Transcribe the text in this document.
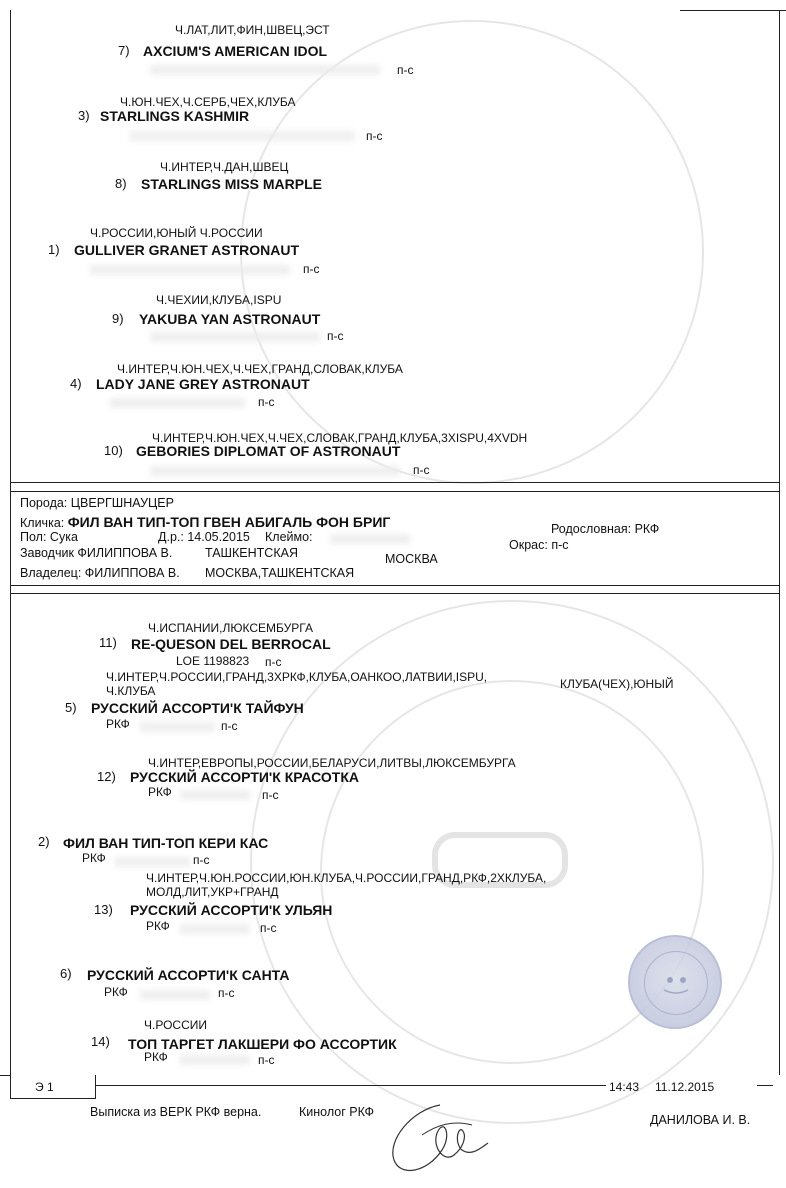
Ч.ЛАТ,ЛИТ,ФИН,ШВЕЦ,ЭСТ
7) AXCIUM'S AMERICAN IDOL
п-с
Ч.ЮН.ЧЕХ,Ч.СЕРБ,ЧЕХ,КЛУБА
3) STARLINGS KASHMIR
п-с
Ч.ИНТЕР,Ч.ДАН,ШВЕЦ
8) STARLINGS MISS MARPLE
Ч.РОССИИ,ЮНЫЙ Ч.РОССИИ
1) GULLIVER GRANET ASTRONAUT
п-с
Ч.ЧЕХИИ,КЛУБА,ISPU
9) YAKUBA YAN ASTRONAUT
п-с
Ч.ИНТЕР,Ч.ЮН.ЧЕХ,Ч.ЧЕХ,ГРАНД,СЛОВАК,КЛУБА
4) LADY JANE GREY ASTRONAUT
п-с
Ч.ИНТЕР,Ч.ЮН.ЧЕХ,Ч.ЧЕХ,СЛОВАК,ГРАНД,КЛУБА,3XISPU,4XVDH
10) GEBORIES DIPLOMAT OF ASTRONAUT
п-с
Порода: ЦВЕРГШНАУЦЕР
Кличка: ФИЛ ВАН ТИП-ТОП ГВЕН АБИГАЛЬ ФОН БРИГ	Родословная: РКФ
Пол: Сука	Д.р.: 14.05.2015 Клеймо:
Окрас: п-с
Заводчик ФИЛИППОВА В.	ТАШКЕНТСКАЯ	МОСКВА
Владелец: ФИЛИППОВА В. МОСКВА,ТАШКЕНТСКАЯ
Ч.ИСПАНИИ,ЛЮКСЕМБУРГА
11) RE-QUESON DEL BERROCAL
LOE 1198823 п-с
Ч.ИНТЕР,Ч.РОССИИ,ГРАНД,3ХРКФ,КЛУБА,ОАНКОО,ЛАТВИИ,ISPU,	КЛУБА(ЧЕХ),ЮНЫЙ
Ч.КЛУБА
5) РУССКИЙ АССОРТИ'К ТАЙФУН
РКФ	п-с
Ч.ИНТЕР,ЕВРОПЫ,РОССИИ,БЕЛАРУСИ,ЛИТВЫ,ЛЮКСЕМБУРГА
12) РУССКИЙ АССОРТИ'К КРАСОТКА
РКФ	п-с
2) ФИЛ ВАН ТИП-ТОП КЕРИ КАС
РКФ	п-с
Ч.ИНТЕР,Ч.ЮН.РОССИИ,ЮН.КЛУБА,Ч.РОССИИ,ГРАНД,РКФ,2ХКЛУБА,
МОЛД,ЛИТ,УКР+ГРАНД
13) РУССКИЙ АССОРТИ'К УЛЬЯН
РКФ	п-с
6) РУССКИЙ АССОРТИ'К САНТА
РКФ	п-с
Ч.РОССИИ
14) ТОП ТАРГЕТ ЛАКШЕРИ ФО АССОРТИК
РКФ	п-с
Э 1	14:43 11.12.2015
Выписка из ВЕРК РКФ верна.	Кинолог РКФ
ДАНИЛОВА И. В.
